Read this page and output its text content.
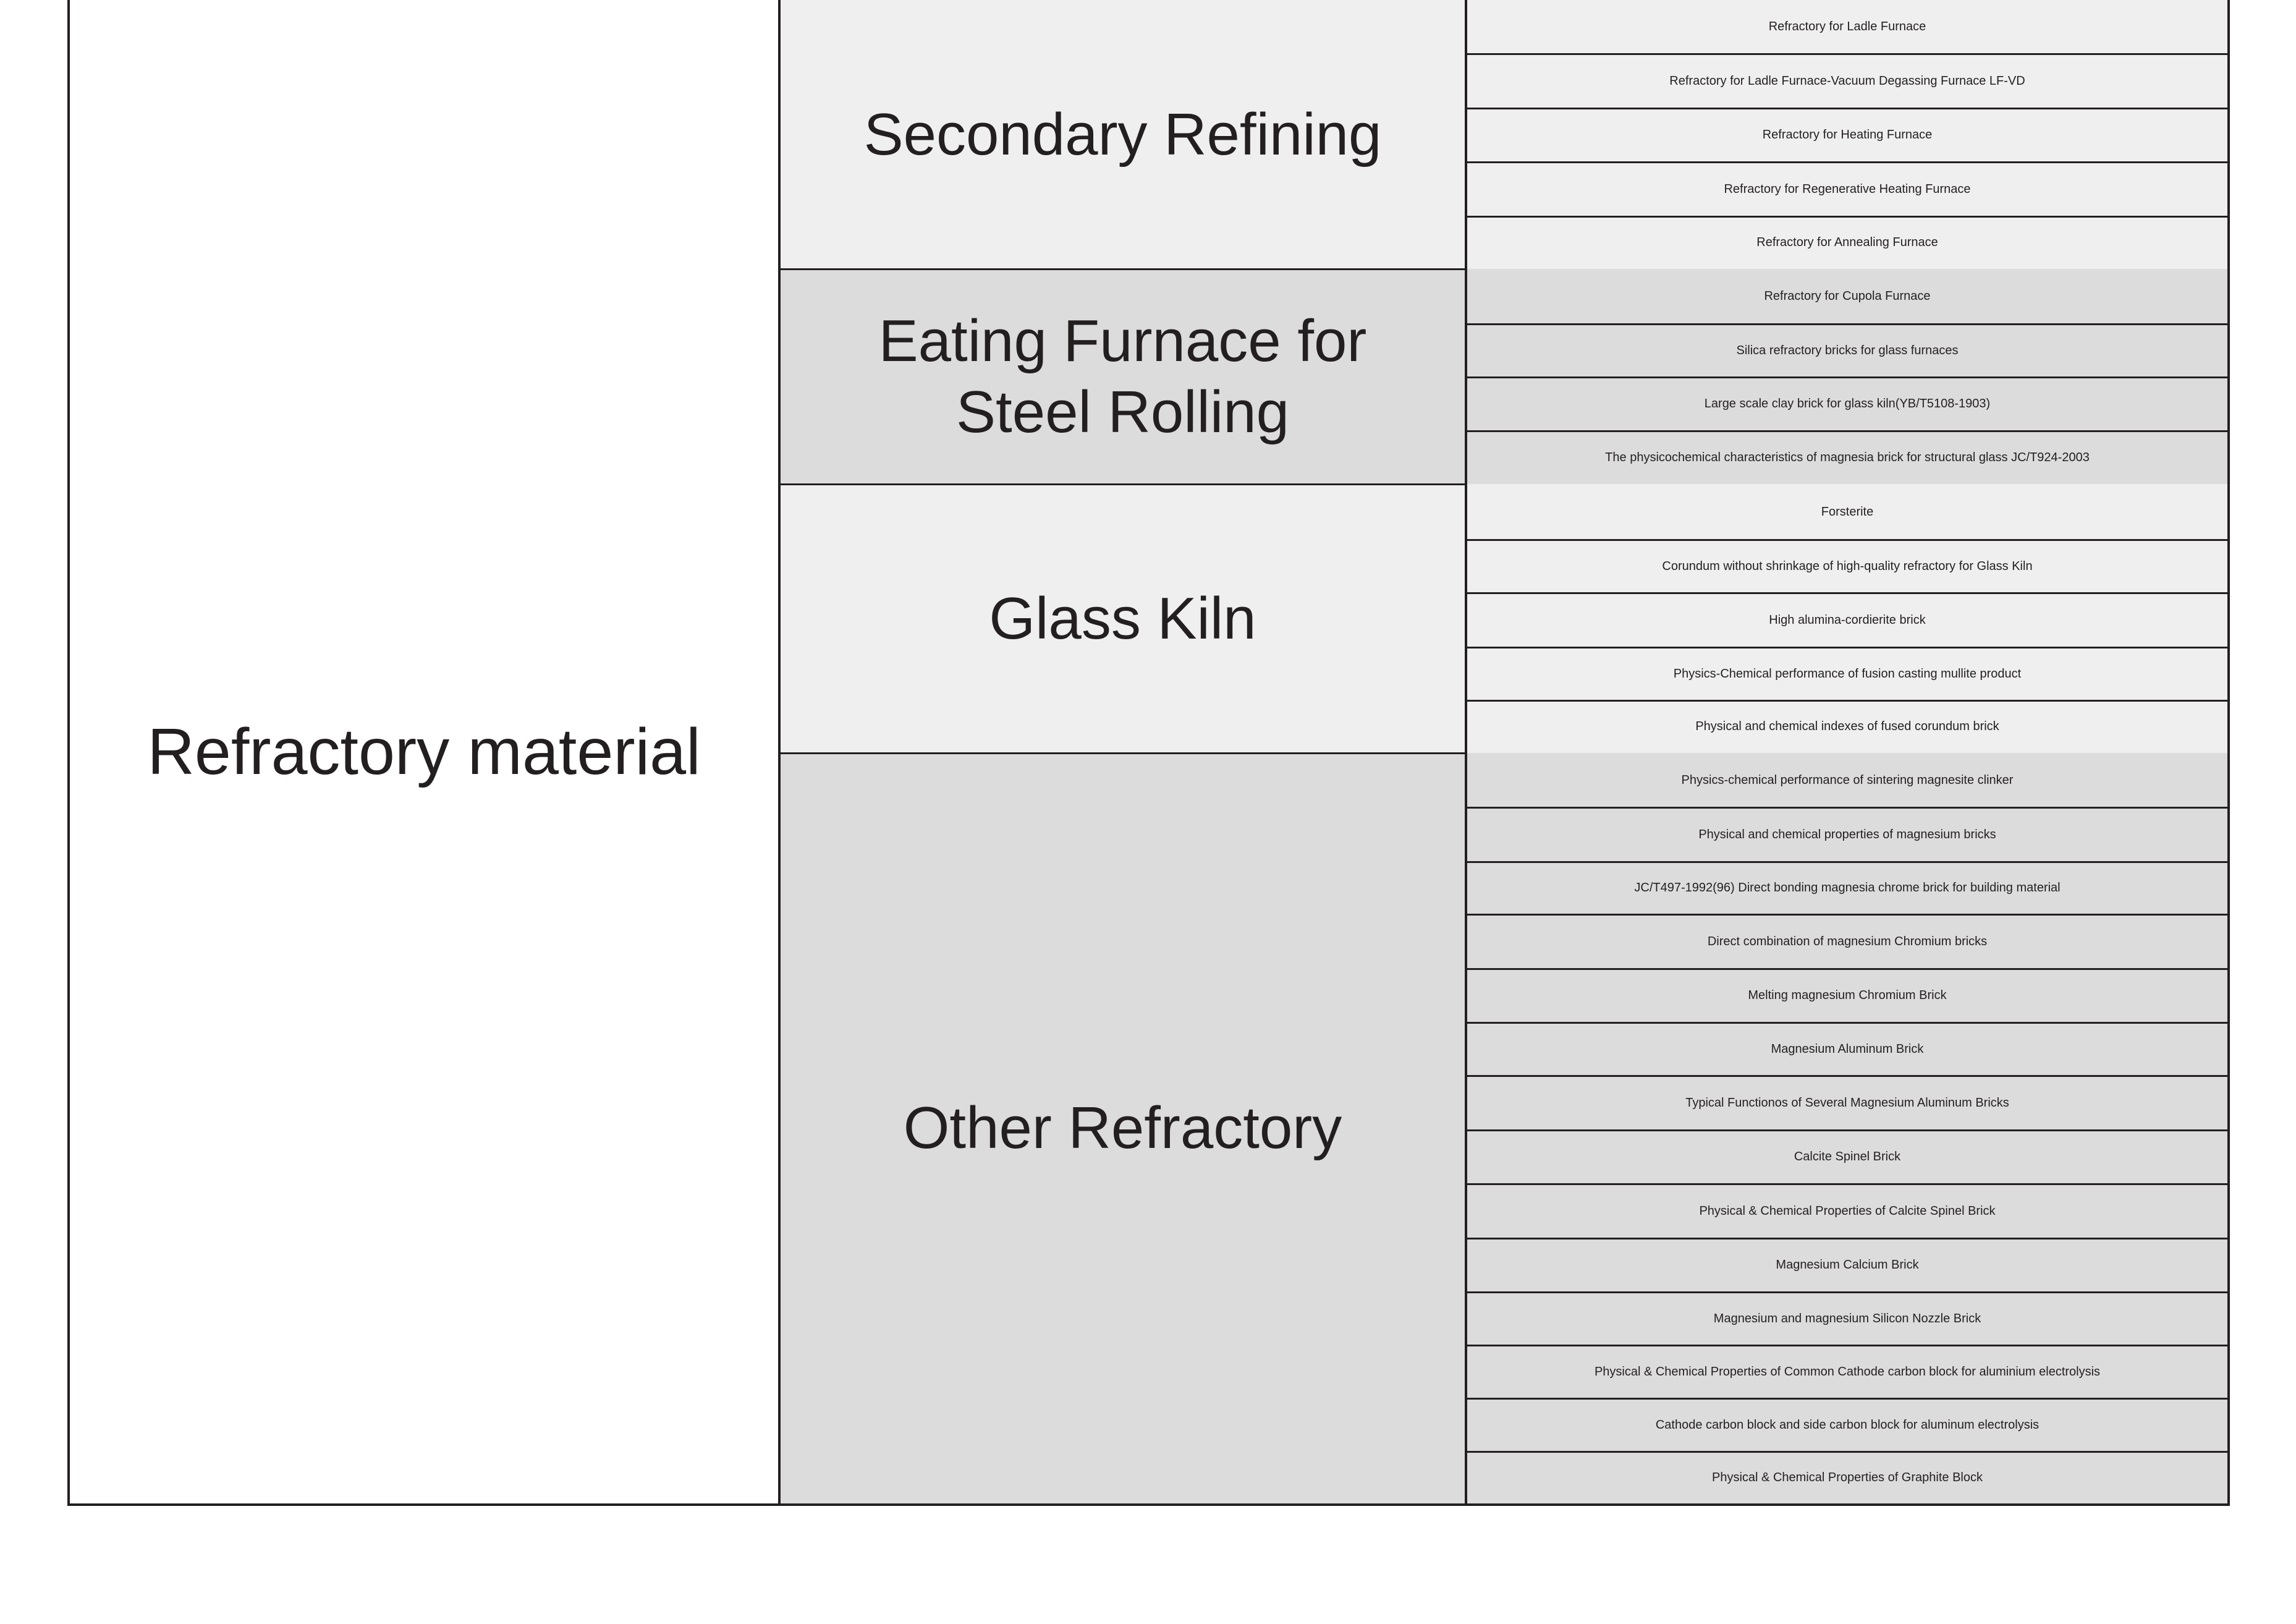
Refractory material
Secondary Refining
Eating Furnace for Steel Rolling
Glass Kiln
Other Refractory
Refractory for Ladle Furnace
Refractory for Ladle Furnace-Vacuum Degassing Furnace LF-VD
Refractory for Heating Furnace
Refractory for Regenerative Heating Furnace
Refractory for Annealing Furnace
Refractory for Cupola Furnace
Silica refractory bricks for glass furnaces
Large scale clay brick for glass kiln(YB/T5108-1903)
The physicochemical characteristics of magnesia brick for structural glass JC/T924-2003
Forsterite
Corundum without shrinkage of high-quality refractory for Glass Kiln
High alumina-cordierite brick
Physics-Chemical performance of fusion casting mullite product
Physical and chemical indexes of fused corundum brick
Physics-chemical performance of sintering magnesite clinker
Physical and chemical properties of magnesium bricks
JC/T497-1992(96) Direct bonding magnesia chrome brick for building material
Direct combination of magnesium Chromium bricks
Melting magnesium Chromium Brick
Magnesium Aluminum Brick
Typical Functionos of Several Magnesium Aluminum Bricks
Calcite Spinel Brick
Physical & Chemical Properties of Calcite Spinel Brick
Magnesium Calcium Brick
Magnesium and magnesium Silicon Nozzle Brick
Physical & Chemical Properties of Common Cathode carbon block for aluminium electrolysis
Cathode carbon block and side carbon block for aluminum electrolysis
Physical & Chemical Properties of Graphite Block
